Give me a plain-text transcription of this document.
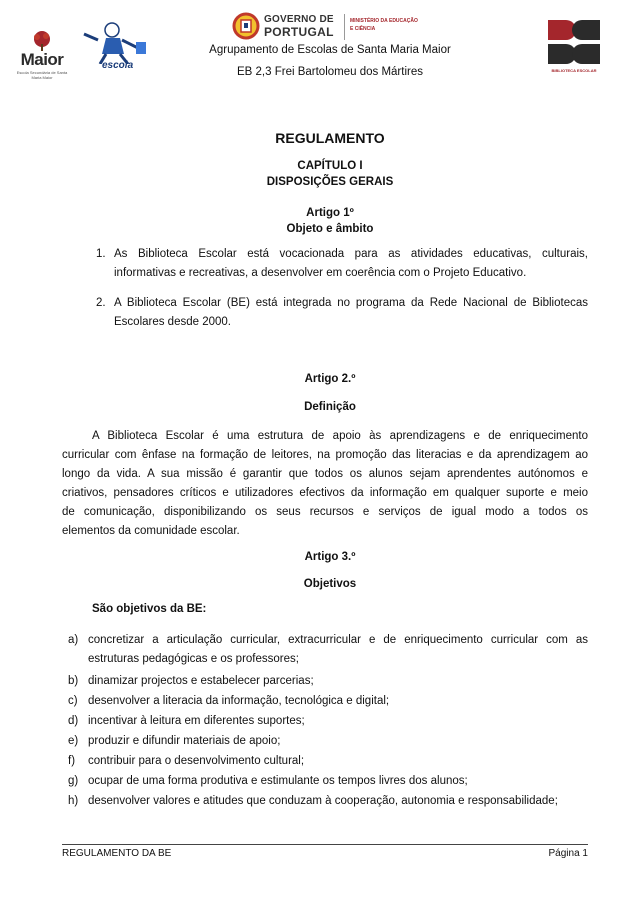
Maior
Escola Secundária de Santa Maria Maior
escola
GOVERNO DE
PORTUGAL
MINISTÉRIO DA EDUCAÇÃO
E CIÊNCIA
BIBLIOTECA ESCOLAR
Agrupamento de Escolas de Santa Maria Maior
EB 2,3 Frei Bartolomeu dos Mártires
REGULAMENTO
CAPÍTULO I
DISPOSIÇÕES GERAIS
Artigo 1º
Objeto e âmbito
1. As Biblioteca Escolar está vocacionada para as atividades educativas, culturais,
informativas e recreativas, a desenvolver em coerência com o Projeto Educativo.
2. A Biblioteca Escolar (BE) está integrada no programa da Rede Nacional de Bibliotecas
Escolares desde 2000.
Artigo 2.º
Definição
A Biblioteca Escolar é uma estrutura de apoio às aprendizagens e de enriquecimento
curricular com ênfase na formação de leitores, na promoção das literacias e da aprendizagem ao
longo da vida. A sua missão é garantir que todos os alunos sejam aprendentes autónomos e
criativos, pensadores críticos e utilizadores efectivos da informação em qualquer suporte e meio
de comunicação, disponibilizando os seus recursos e serviços de igual modo a todos os
elementos da comunidade escolar.
Artigo 3.º
Objetivos
São objetivos da BE:
a) concretizar a articulação curricular, extracurricular e de enriquecimento curricular com as
estruturas pedagógicas e os professores;
b) dinamizar projectos e estabelecer parcerias;
c) desenvolver a literacia da informação, tecnológica e digital;
d) incentivar à leitura em diferentes suportes;
e) produzir e difundir materiais de apoio;
f) contribuir para o desenvolvimento cultural;
g) ocupar de uma forma produtiva e estimulante os tempos livres dos alunos;
h) desenvolver valores e atitudes que conduzam à cooperação, autonomia e responsabilidade;
REGULAMENTO DA BE	Página 1
